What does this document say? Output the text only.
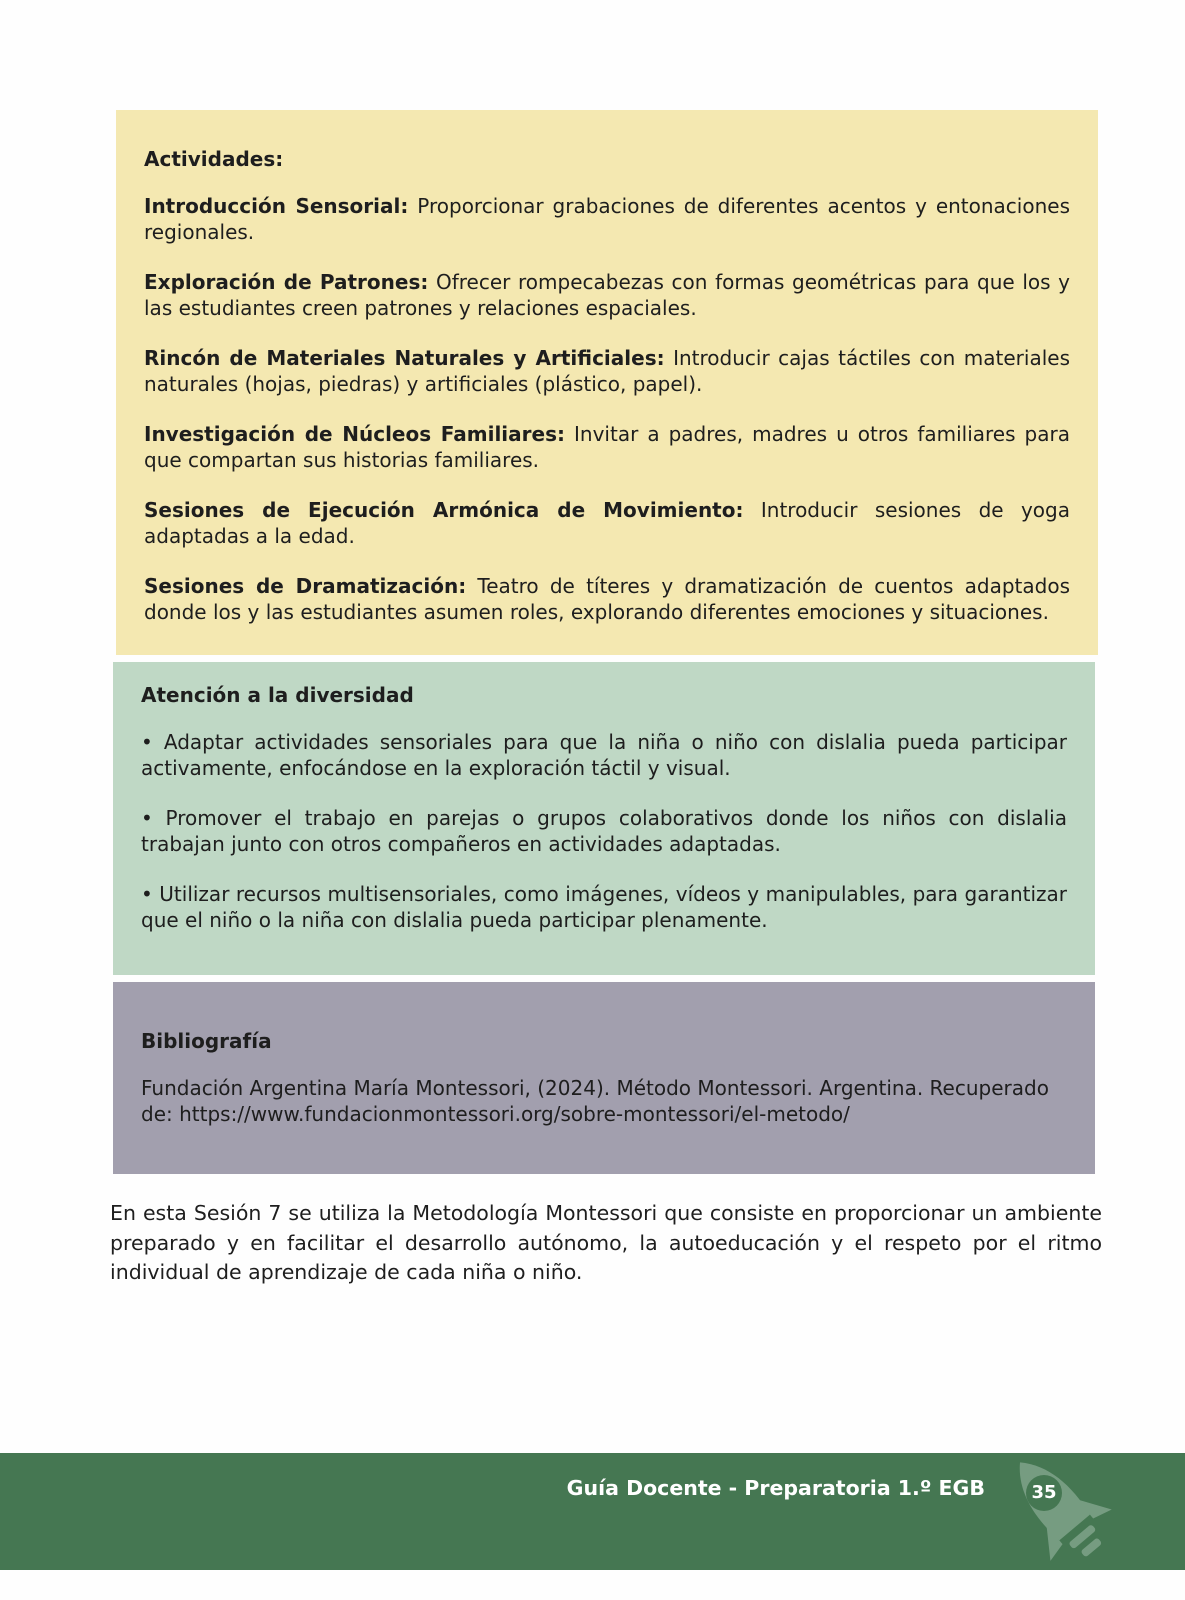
Actividades:

Introducción Sensorial: Proporcionar grabaciones de diferentes acentos y entonaciones regionales.

Exploración de Patrones: Ofrecer rompecabezas con formas geométricas para que los y las estudiantes creen patrones y relaciones espaciales.

Rincón de Materiales Naturales y Artificiales: Introducir cajas táctiles con materiales naturales (hojas, piedras) y artificiales (plástico, papel).

Investigación de Núcleos Familiares: Invitar a padres, madres u otros familiares para que compartan sus historias familiares.

Sesiones de Ejecución Armónica de Movimiento: Introducir sesiones de yoga adaptadas a la edad.

Sesiones de Dramatización: Teatro de títeres y dramatización de cuentos adaptados donde los y las estudiantes asumen roles, explorando diferentes emociones y situaciones.

Atención a la diversidad

• Adaptar actividades sensoriales para que la niña o niño con dislalia pueda participar activamente, enfocándose en la exploración táctil y visual.

• Promover el trabajo en parejas o grupos colaborativos donde los niños con dislalia trabajan junto con otros compañeros en actividades adaptadas.

• Utilizar recursos multisensoriales, como imágenes, vídeos y manipulables, para garantizar que el niño o la niña con dislalia pueda participar plenamente.

Bibliografía

Fundación Argentina María Montessori, (2024). Método Montessori. Argentina. Recuperado de: https://www.fundacionmontessori.org/sobre-montessori/el-metodo/

En esta Sesión 7 se utiliza la Metodología Montessori que consiste en proporcionar un ambiente preparado y en facilitar el desarrollo autónomo, la autoeducación y el respeto por el ritmo individual de aprendizaje de cada niña o niño.

Guía Docente - Preparatoria 1.º EGB	35
